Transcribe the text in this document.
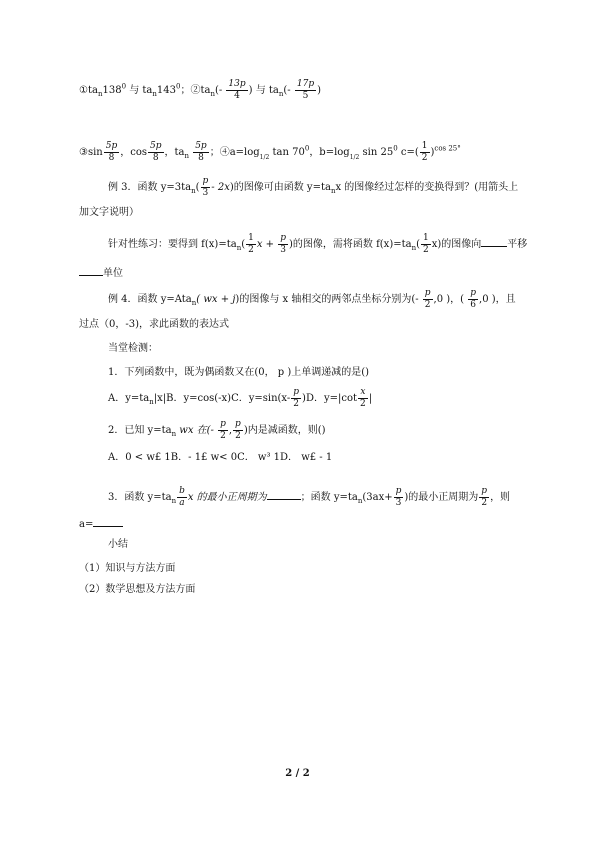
$①ta_n138^0$ 与 $ta_n143^0$；$②ta_n(- \frac{13p}{4}$ ) 与 $ta_n(- \frac{17p}{5}$ )
③sin $\frac{5p}{8}$ ，$\cos \frac{5p}{8}$ ，$ta_n \frac{5p}{8}$ ；$④a=\log_{1/2}$ $\tan 70^0$，$b=\log_{1/2}$ $\sin 25^0$ $c=( \frac{1}{2} )^{cos 25^\circ}$
例 3．函数 $y=3ta_n( \frac{p}{3} - 2x)$的图像可由函数 $y=ta_nx$ 的图像经过怎样的变换得到？(用箭头上
加文字说明）
针对性练习：要得到 $f(x)=ta_n( \frac{1}{2}$ $x + \frac{p}{3}$ )的图像，需将函数 $f(x)=ta_n( \frac{1}{2} x)$的图像向	平移
单位
例 4．函数 y=Ata$_n$( wx + j)的图像与 x 轴相交的两邻点坐标分别为(- $\frac{p}{2} ,0$ )，( $\frac{p}{6} ,0$ )，且
过点（0，-3)，求此函数的表达式
当堂检测：
1．下列函数中，既为偶函数又在(0， p )上单调递减的是()
A．$y=ta_n|x|B$．y=cos(-x)C．$y=\sin(x- \frac{p}{2} )D$．$y=|\cot \frac{x}{2}$ |
2．已知 $y=ta_n$ wx 在(- $\frac{p}{2}$ , $\frac{p}{2}$ )内是减函数，则()
A．0 < w£ 1B．- 1£ w< 0C． w³ 1D． w£ - 1
3．函数 $y=ta_n \frac{b}{a}$ x 的最小正周期为	；函数 $y=ta_n(3ax+ \frac{p}{3}$ )的最小正周期为 $\frac{p}{2}$ ，则
a=
小结
（1）知识与方法方面
（2）数学思想及方法方面
2 / 2
